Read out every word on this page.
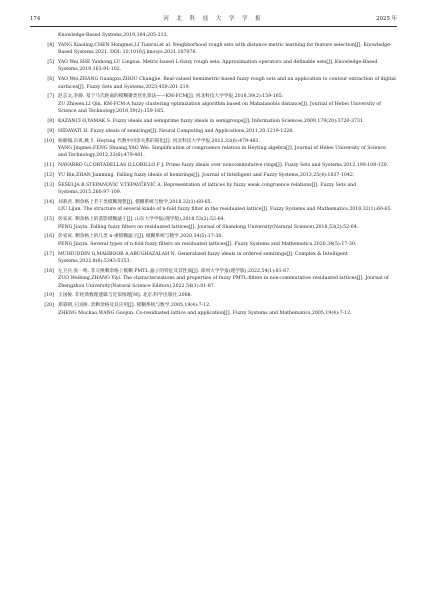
174	河 北 科 技 大 学 学 报	2025 年
Knowledge-Based Systems,2019,164:205-212.
[4] YANG Xiaoling,CHEN Hongmei,LI Tianrui,et al. Neighborhood rough sets with distance metric learning for feature selection[J]. Knowledge-Based Systems,2021. DOI: 10.1016/j.knosys.2021.107076.
[5] YAO Wei,SHE Yanhong,LU Lingxia. Metric-based L-fuzzy rough sets: Approximation operators and definable sets[J]. Knowledge-Based Systems,2019,163:91-102.
[6] YAO Wei,ZHANG Guangxu,ZHOU Changjie. Real-valued hemimetric-based fuzzy rough sets and an application to contour extraction of digital surfaces[J]. Fuzzy Sets and Systems,2023,459:201-219.
[7] 赵志文,李静. 基于马氏距离的模糊聚类优化算法——KM-FCM[J]. 河北科技大学学报,2018,39(2):159-165.
ZU Zhiwen,LI Qin. KM-FCM:A fuzzy clustering optimization algorithm based on Mahalanobis distance[J]. Journal of Hebei University of Science and Technology,2018,39(2):159-165.
[8] KAZANCI O,YAMAK S. Fuzzy ideals and semiprime fuzzy ideals in semigroups[J]. Information Sciences,2009,179(20):3720-3731.
[9] HIDAYATI H. Fuzzy ideals of semirings[J]. Neural Computing and Applications,2011,20:1219-1228.
[10] 杨静翰,冯爽,姚卫. Heyting 代数中同余关系的简化[J]. 河北科技大学学报,2012,33(6):479-481.
YANG Jingmei,FENG Shuang,YAO Wei. Simplification of congruence relation in Heyting algebra[J]. Journal of Hebei University of Science and Technology,2012,33(6):479-481.
[11] NAVARRO G,CORTADELLAS O,LOBILLO F J. Prime fuzzy ideals over noncommutative rings[J]. Fuzzy Sets and Systems,2012,199:108-120.
[12] YU Bin,ZHAN Jianming. Falling fuzzy ideals of hemirings[J]. Journal of Intelligent and Fuzzy Systems,2013,25(4):1037-1042.
[13] ŠEŠELJA B,STEPANOVIĆ V,TEPAVČEVIĆ A. Representation of lattices by fuzzy weak congruence relations[J]. Fuzzy Sets and Systems,2015,260:97-109.
[14] 刘莉君. 剩余格上若干类模糊理想[J]. 模糊系统与数学,2018,32(1):60-65.
LIU Lijun. The structure of several kinds of n-fold fuzzy filter in the residuated lattice[J]. Fuzzy Systems and Mathematics,2018,32(1):60-65.
[15] 彭家寅. 剩余格上的落影模糊滤子[J]. 山东大学学报(理学版),2018,53(2):52-64.
PENG Jiayin. Falling fuzzy filters on residuated lattices[J]. Journal of Shandong University(Natural Science),2018,53(2):52-64.
[16] 彭家寅. 剩余格上的几类 n-重模糊滤子[J]. 模糊系统与数学,2020,34(5):17-30.
PENG Jiayin. Several types of n-fold fuzzy filters on residuated lattices[J]. Fuzzy Systems and Mathematics,2020,34(5):17-30.
[17] MUHIUDDIN G,MAHBOOB A,ABUGHAZALAH N. Generalized fuzzy ideals in ordered semirings[J]. Complex & Intelligent Systems,2022,8(6):5343-5353.
[18] 左卫兵,张一鸣. 非交换剩余格上模糊 PMTL 滤子的特征及其性质[J]. 郑州大学学报(理学版),2022,54(1):81-87.
ZUO Weibing,ZHANG Yiyi. The characterizations and properties of fuzzy PMTL-filters in non-commutative residuated lattices[J]. Journal of Zhengzhou University(Natural Science Edition),2022,54(1):81-87.
[19] 王国俊. 非经典数理逻辑与近似推理[M]. 北京:科学出版社,2008.
[20] 郑慕朝,王国俊. 余剩余格及其应用[J]. 模糊系统与数学,2005,19(4):7-12.
ZHENG Muchao,WANG Guojun. Co-residuated lattice and application[J]. Fuzzy Systems and Mathematics,2005,19(4):7-12.
